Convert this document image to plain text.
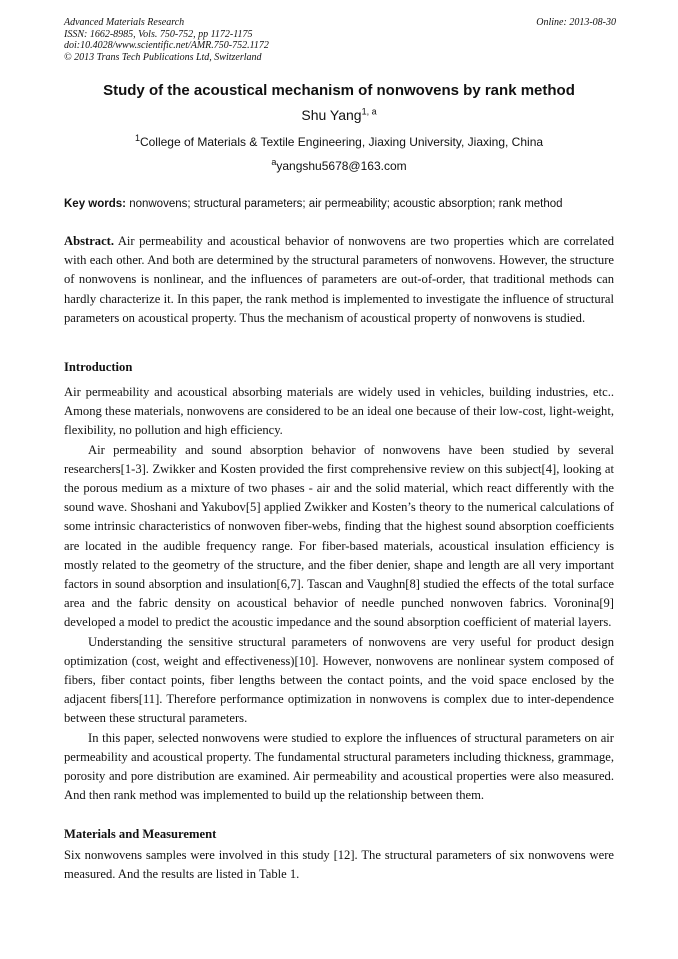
Advanced Materials Research
ISSN: 1662-8985, Vols. 750-752, pp 1172-1175
doi:10.4028/www.scientific.net/AMR.750-752.1172
© 2013 Trans Tech Publications Ltd, Switzerland
Online: 2013-08-30
Study of the acoustical mechanism of nonwovens by rank method
Shu Yang$^{1, a}$
$^1$College of Materials & Textile Engineering, Jiaxing University, Jiaxing, China
$^a$yangshu5678@163.com
Key words: nonwovens; structural parameters; air permeability; acoustic absorption; rank method

Abstract. Air permeability and acoustical behavior of nonwovens are two properties which are correlated with each other. And both are determined by the structural parameters of nonwovens. However, the structure of nonwovens is nonlinear, and the influences of parameters are out-of-order, that traditional methods can hardly characterize it. In this paper, the rank method is implemented to investigate the influence of structural parameters on acoustical property. Thus the mechanism of acoustical property of nonwovens is studied.

Introduction

Air permeability and acoustical absorbing materials are widely used in vehicles, building industries, etc.. Among these materials, nonwovens are considered to be an ideal one because of their low-cost, light-weight, flexibility, no pollution and high efficiency.

Air permeability and sound absorption behavior of nonwovens have been studied by several researchers[1-3]. Zwikker and Kosten provided the first comprehensive review on this subject[4], looking at the porous medium as a mixture of two phases - air and the solid material, which react differently with the sound wave. Shoshani and Yakubov[5] applied Zwikker and Kosten’s theory to the numerical calculations of some intrinsic characteristics of nonwoven fiber-webs, finding that the highest sound absorption coefficients are located in the audible frequency range. For fiber-based materials, acoustical insulation efficiency is mostly related to the geometry of the structure, and the fiber denier, shape and length are all very important factors in sound absorption and insulation[6,7]. Tascan and Vaughn[8] studied the effects of the total surface area and the fabric density on acoustical behavior of needle punched nonwoven fabrics. Voronina[9] developed a model to predict the acoustic impedance and the sound absorption coefficient of material layers.

Understanding the sensitive structural parameters of nonwovens are very useful for product design optimization (cost, weight and effectiveness)[10]. However, nonwovens are nonlinear system composed of fibers, fiber contact points, fiber lengths between the contact points, and the void space enclosed by the adjacent fibers[11]. Therefore performance optimization in nonwovens is complex due to inter-dependence between these structural parameters.

In this paper, selected nonwovens were studied to explore the influences of structural parameters on air permeability and acoustical property. The fundamental structural parameters including thickness, grammage, porosity and pore distribution are examined. Air permeability and acoustical properties were also measured. And then rank method was implemented to build up the relationship between them.

Materials and Measurement

Six nonwovens samples were involved in this study [12]. The structural parameters of six nonwovens were measured. And the results are listed in Table 1.
